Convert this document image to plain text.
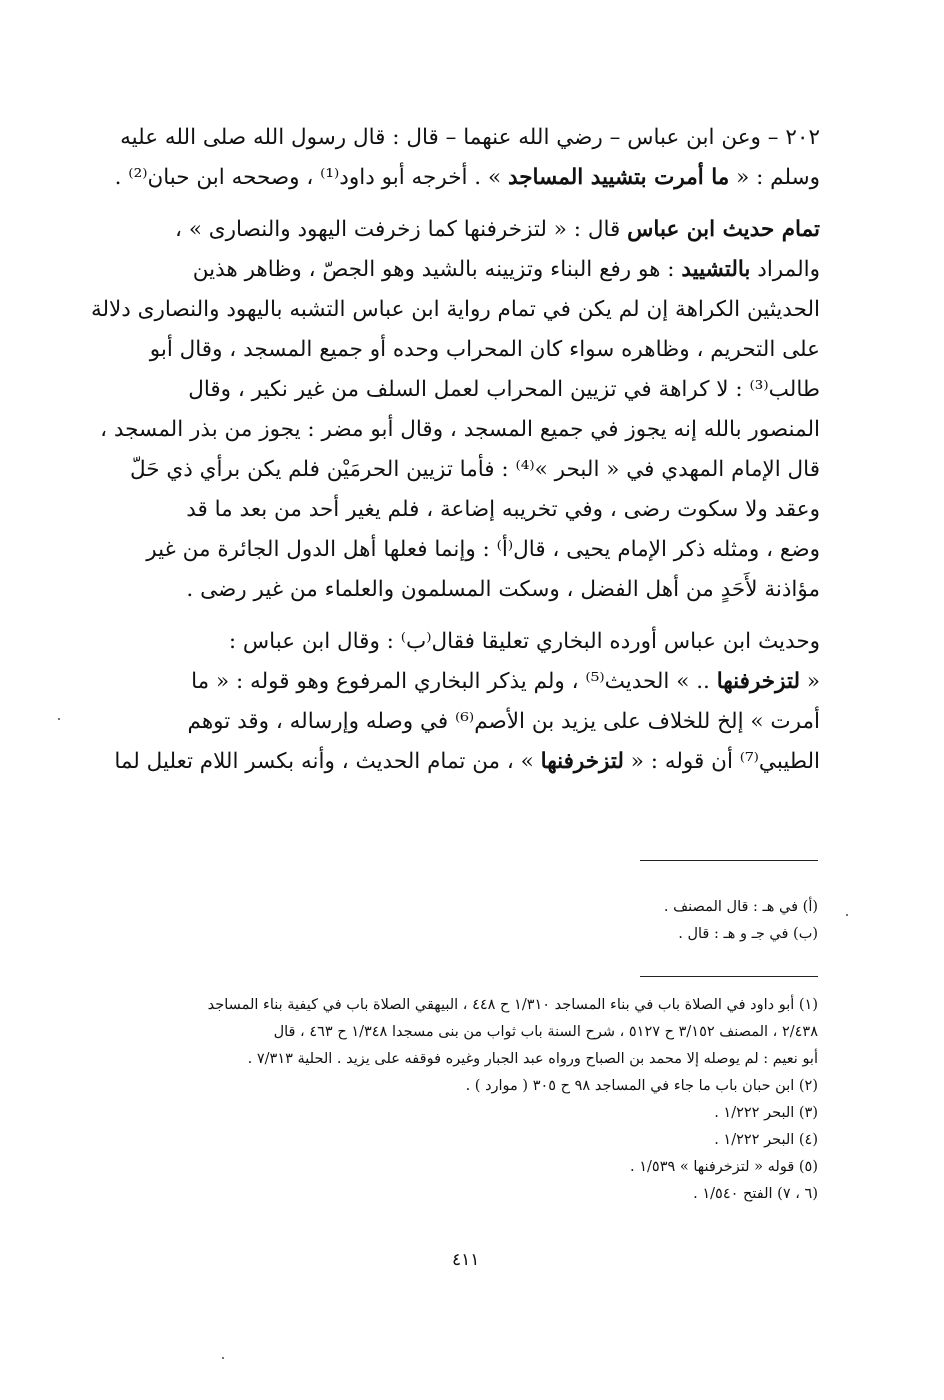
٢٠٢ – وعن ابن عباس – رضي الله عنهما – قال : قال رسول الله صلى الله عليه
وسلم : « ما أمرت بتشييد المساجد » . أخرجه أبو داود⁽¹⁾ ، وصححه ابن حبان⁽²⁾ .
تمام حديث ابن عباس قال : « لتزخرفنها كما زخرفت اليهود والنصارى » ،
والمراد بالتشييد : هو رفع البناء وتزيينه بالشيد وهو الجصّ ، وظاهر هذين
الحديثين الكراهة إن لم يكن في تمام رواية ابن عباس التشبه باليهود والنصارى دلالة
على التحريم ، وظاهره سواء كان المحراب وحده أو جميع المسجد ، وقال أبو
طالب⁽³⁾ : لا كراهة في تزيين المحراب لعمل السلف من غير نكير ، وقال
المنصور بالله إنه يجوز في جميع المسجد ، وقال أبو مضر : يجوز من بذر المسجد ،
قال الإمام المهدي في « البحر »⁽⁴⁾ : فأما تزيين الحرمَيْن فلم يكن برأي ذي حَلّ
وعقد ولا سكوت رضى ، وفي تخريبه إضاعة ، فلم يغير أحد من بعد ما قد
وضع ، ومثله ذكر الإمام يحيى ، قال⁽أ⁾ : وإنما فعلها أهل الدول الجائرة من غير
مؤاذنة لأَحَدٍ من أهل الفضل ، وسكت المسلمون والعلماء من غير رضى .
وحديث ابن عباس أورده البخاري تعليقا فقال⁽ب⁾ : وقال ابن عباس :
« لتزخرفنها .. » الحديث⁽⁵⁾ ، ولم يذكر البخاري المرفوع وهو قوله : « ما
أمرت » إلخ للخلاف على يزيد بن الأصم⁽⁶⁾ في وصله وإرساله ، وقد توهم
الطيبي⁽⁷⁾ أن قوله : « لتزخرفنها » ، من تمام الحديث ، وأنه بكسر اللام تعليل لما
(أ) في هـ : قال المصنف .
(ب) في جـ و هـ : قال .
(١) أبو داود في الصلاة باب في بناء المساجد ١/٣١٠ ح ٤٤٨ ، البيهقي الصلاة باب في كيفية بناء المساجد
٢/٤٣٨ ، المصنف ٣/١٥٢ ح ٥١٢٧ ، شرح السنة باب ثواب من بنى مسجدا ١/٣٤٨ ح ٤٦٣ ، قال
أبو نعيم : لم يوصله إلا محمد بن الصباح ورواه عبد الجبار وغيره فوقفه على يزيد . الحلية ٧/٣١٣ .
(٢) ابن حبان باب ما جاء في المساجد ٩٨ ح ٣٠٥ ( موارد ) .
(٣) البحر ١/٢٢٢ .
(٤) البحر ١/٢٢٢ .
(٥) قوله « لتزخرفنها » ١/٥٣٩ .
(٦ ، ٧) الفتح ١/٥٤٠ .
٤١١
